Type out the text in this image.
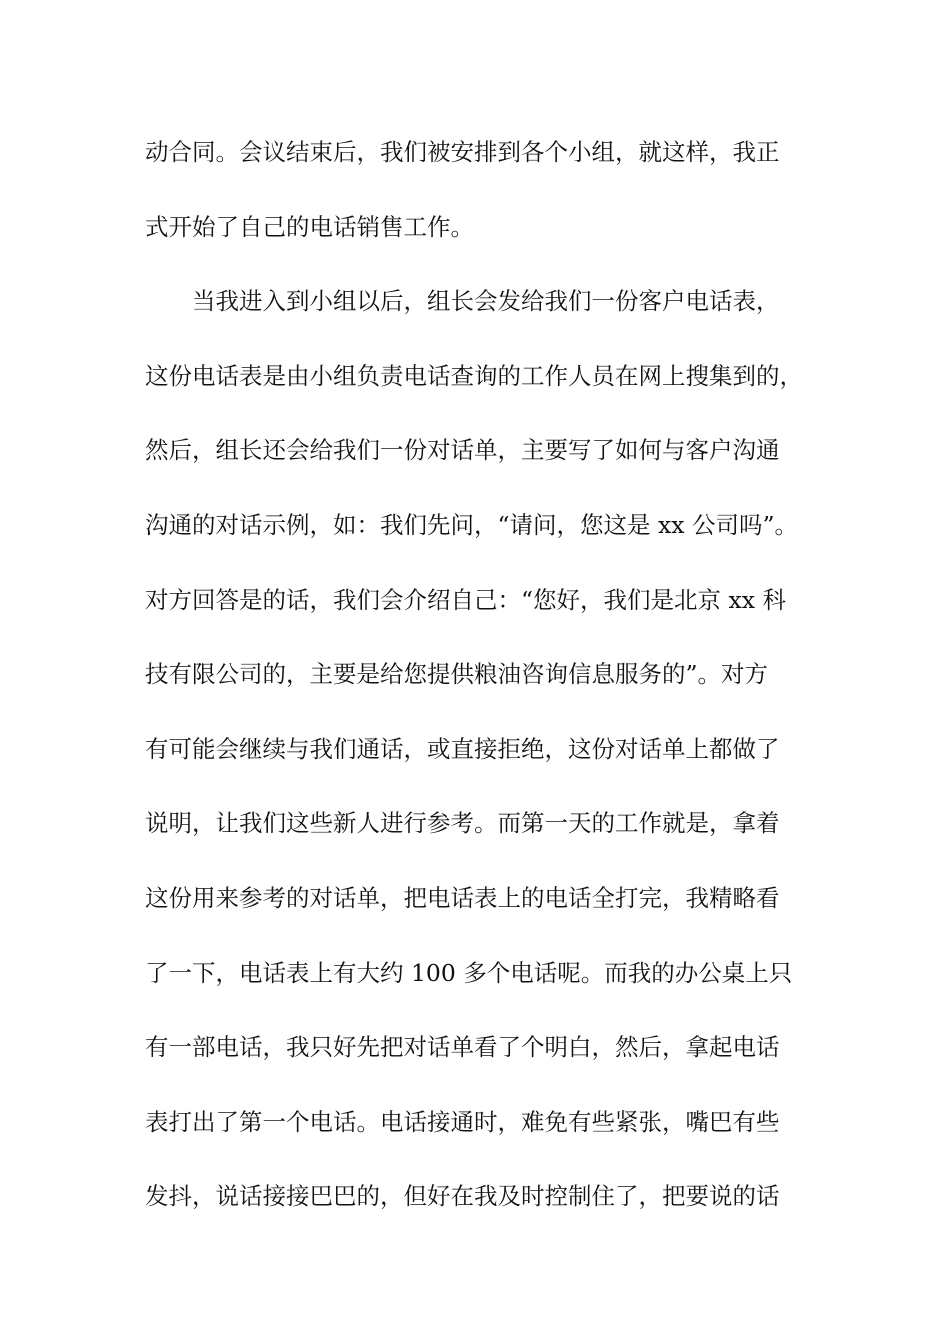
动合同。会议结束后，我们被安排到各个小组，就这样，我正
式开始了自己的电话销售工作。
当我进入到小组以后，组长会发给我们一份客户电话表，
这份电话表是由小组负责电话查询的工作人员在网上搜集到的，
然后，组长还会给我们一份对话单，主要写了如何与客户沟通
沟通的对话示例，如：我们先问，“请问，您这是 xx 公司吗”。
对方回答是的话，我们会介绍自己：“您好，我们是北京 xx 科
技有限公司的，主要是给您提供粮油咨询信息服务的”。对方
有可能会继续与我们通话，或直接拒绝，这份对话单上都做了
说明，让我们这些新人进行参考。而第一天的工作就是，拿着
这份用来参考的对话单，把电话表上的电话全打完，我精略看
了一下，电话表上有大约 100 多个电话呢。而我的办公桌上只
有一部电话，我只好先把对话单看了个明白，然后，拿起电话
表打出了第一个电话。电话接通时，难免有些紧张，嘴巴有些
发抖，说话接接巴巴的，但好在我及时控制住了，把要说的话
